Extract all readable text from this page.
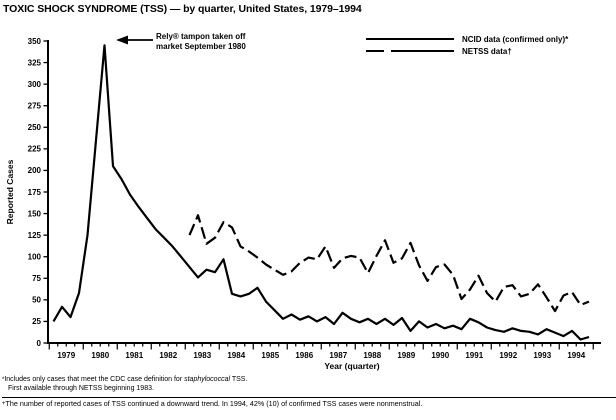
TOXIC SHOCK SYNDROME (TSS) — by quarter, United States, 1979–1994
0
25
50
75
100
125
150
175
200
225
250
275
300
325
350
1979 1980 1981 1982 1983 1984 1985 1986 1987 1988 1989 1990 1991 1992 1993 1994
Year (quarter)
Reported Cases
NCID data (confirmed only)*
NETSS data†
Rely® tampon taken off
market September 1980
*Includes only cases that meet the CDC case definition for staphylococcal TSS.
First available through NETSS beginning 1983.
+The number of reported cases of TSS continued a downward trend. In 1994, 42% (10) of confirmed TSS cases were nonmenstrual.
